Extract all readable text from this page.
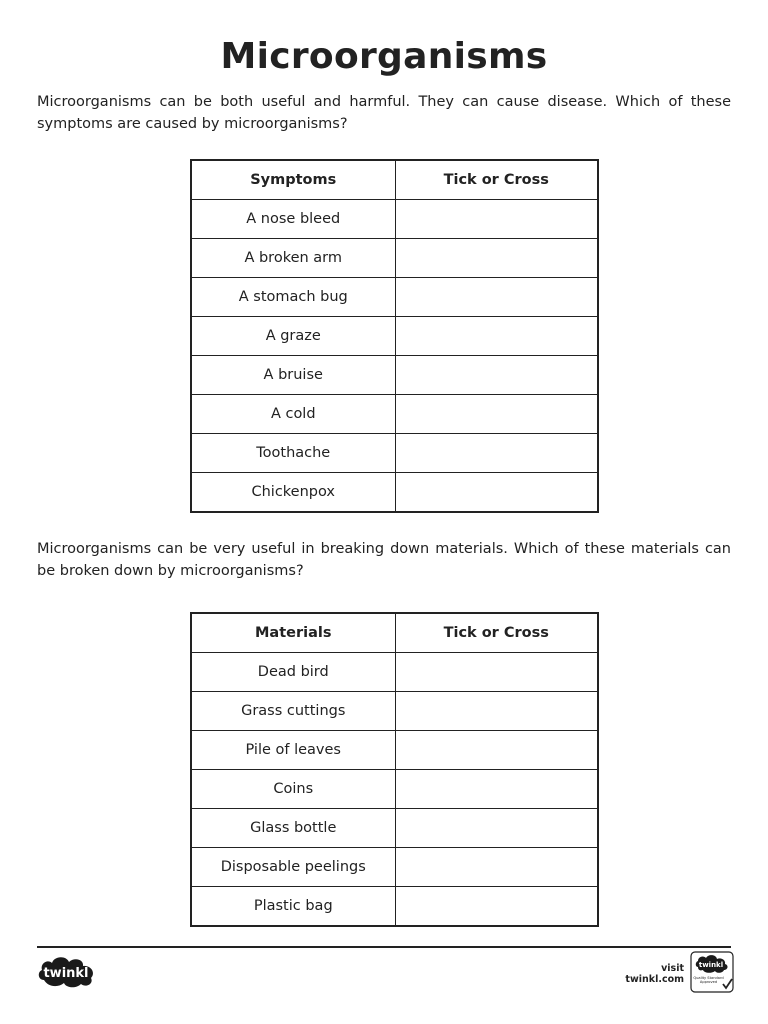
Microorganisms
Microorganisms can be both useful and harmful. They can cause disease. Which of these symptoms are caused by microorganisms?
Symptoms	Tick or Cross
A nose bleed	
A broken arm	
A stomach bug	
A graze	
A bruise	
A cold	
Toothache	
Chickenpox	
Microorganisms can be very useful in breaking down materials. Which of these materials can be broken down by microorganisms?
Materials	Tick or Cross
Dead bird	
Grass cuttings	
Pile of leaves	
Coins	
Glass bottle	
Disposable peelings	
Plastic bag	
twinkl	visit twinkl.com
twinkl
Quality Standard Approved
